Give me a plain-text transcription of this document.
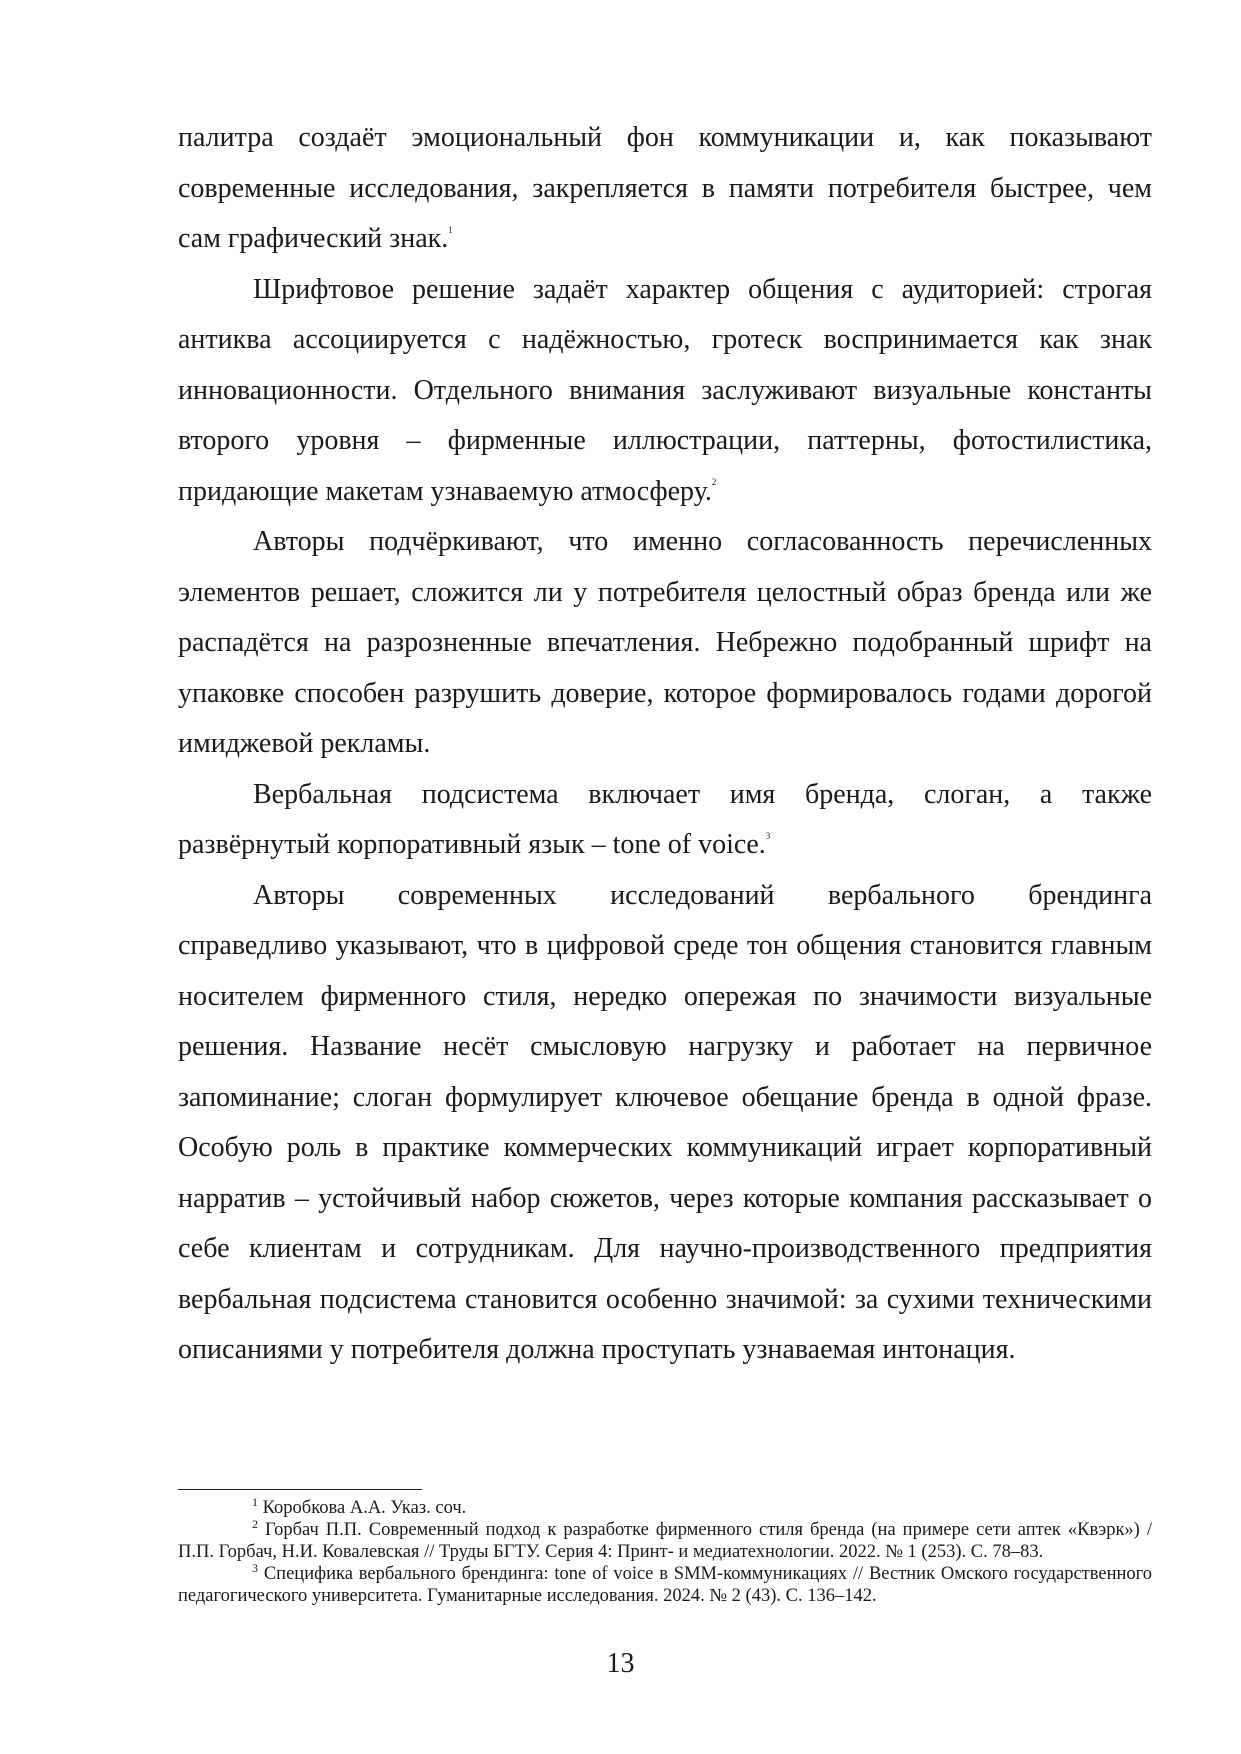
палитра создаёт эмоциональный фон коммуникации и, как показывают современные исследования, закрепляется в памяти потребителя быстрее, чем сам графический знак.$^1$

Шрифтовое решение задаёт характер общения с аудиторией: строгая антиква ассоциируется с надёжностью, гротеск воспринимается как знак инновационности. Отдельного внимания заслуживают визуальные константы второго уровня – фирменные иллюстрации, паттерны, фотостилистика, придающие макетам узнаваемую атмосферу.$^2$

Авторы подчёркивают, что именно согласованность перечисленных элементов решает, сложится ли у потребителя целостный образ бренда или же распадётся на разрозненные впечатления. Небрежно подобранный шрифт на упаковке способен разрушить доверие, которое формировалось годами дорогой имиджевой рекламы.

Вербальная подсистема включает имя бренда, слоган, а также развёрнутый корпоративный язык – tone of voice.$^3$

Авторы современных исследований вербального брендинга

справедливо указывают, что в цифровой среде тон общения становится главным носителем фирменного стиля, нередко опережая по значимости визуальные решения. Название несёт смысловую нагрузку и работает на первичное запоминание; слоган формулирует ключевое обещание бренда в одной фразе. Особую роль в практике коммерческих коммуникаций играет корпоративный нарратив – устойчивый набор сюжетов, через которые компания рассказывает о себе клиентам и сотрудникам. Для научно-производственного предприятия вербальная подсистема становится особенно значимой: за сухими техническими описаниями у потребителя должна проступать узнаваемая интонация.

$^1$ Коробкова А.А. Указ. соч.

$^2$ Горбач П.П. Современный подход к разработке фирменного стиля бренда (на примере сети аптек «Квэрк») / П.П. Горбач, Н.И. Ковалевская // Труды БГТУ. Серия 4: Принт- и медиатехнологии. 2022. № 1 (253). С. 78–83.

$^3$ Специфика вербального брендинга: tone of voice в SMM-коммуникациях // Вестник Омского государственного педагогического университета. Гуманитарные исследования. 2024. № 2 (43). С. 136–142.

13
